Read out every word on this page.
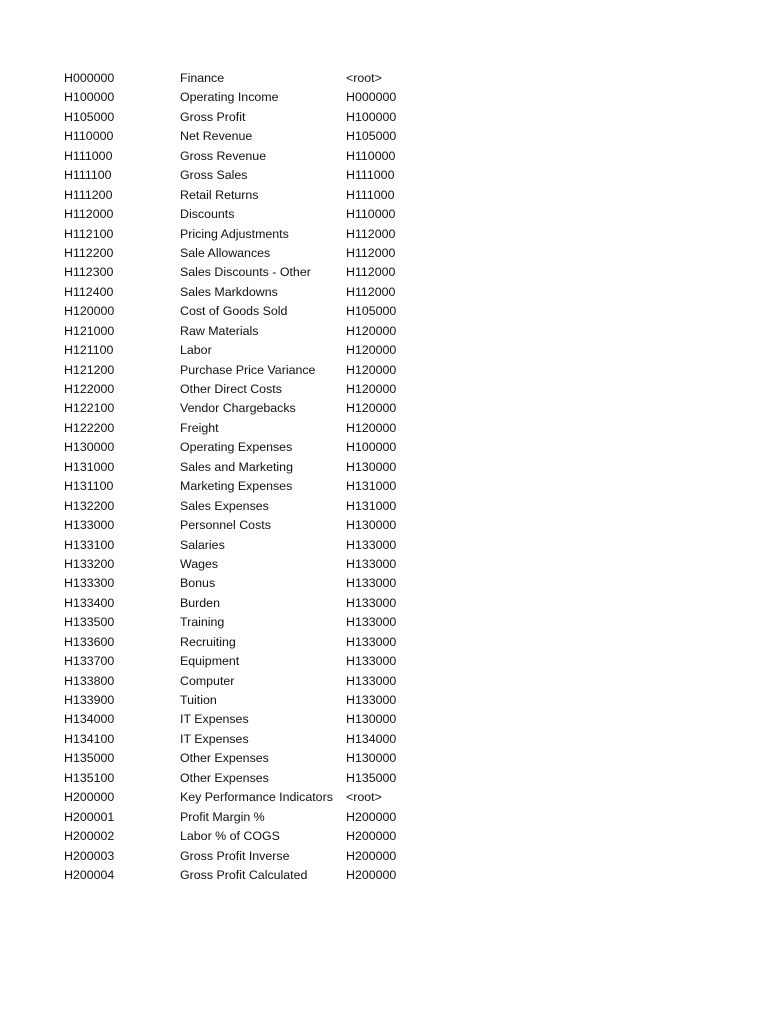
H000000	Finance	<root>
H100000	Operating Income	H000000
H105000	Gross Profit	H100000
H110000	Net Revenue	H105000
H111000	Gross Revenue	H110000
H111100	Gross Sales	H111000
H111200	Retail Returns	H111000
H112000	Discounts	H110000
H112100	Pricing Adjustments	H112000
H112200	Sale Allowances	H112000
H112300	Sales Discounts - Other	H112000
H112400	Sales Markdowns	H112000
H120000	Cost of Goods Sold	H105000
H121000	Raw Materials	H120000
H121100	Labor	H120000
H121200	Purchase Price Variance	H120000
H122000	Other Direct Costs	H120000
H122100	Vendor Chargebacks	H120000
H122200	Freight	H120000
H130000	Operating Expenses	H100000
H131000	Sales and Marketing	H130000
H131100	Marketing Expenses	H131000
H132200	Sales Expenses	H131000
H133000	Personnel Costs	H130000
H133100	Salaries	H133000
H133200	Wages	H133000
H133300	Bonus	H133000
H133400	Burden	H133000
H133500	Training	H133000
H133600	Recruiting	H133000
H133700	Equipment	H133000
H133800	Computer	H133000
H133900	Tuition	H133000
H134000	IT Expenses	H130000
H134100	IT Expenses	H134000
H135000	Other Expenses	H130000
H135100	Other Expenses	H135000
H200000	Key Performance Indicators	<root>
H200001	Profit Margin %	H200000
H200002	Labor % of COGS	H200000
H200003	Gross Profit Inverse	H200000
H200004	Gross Profit Calculated	H200000
